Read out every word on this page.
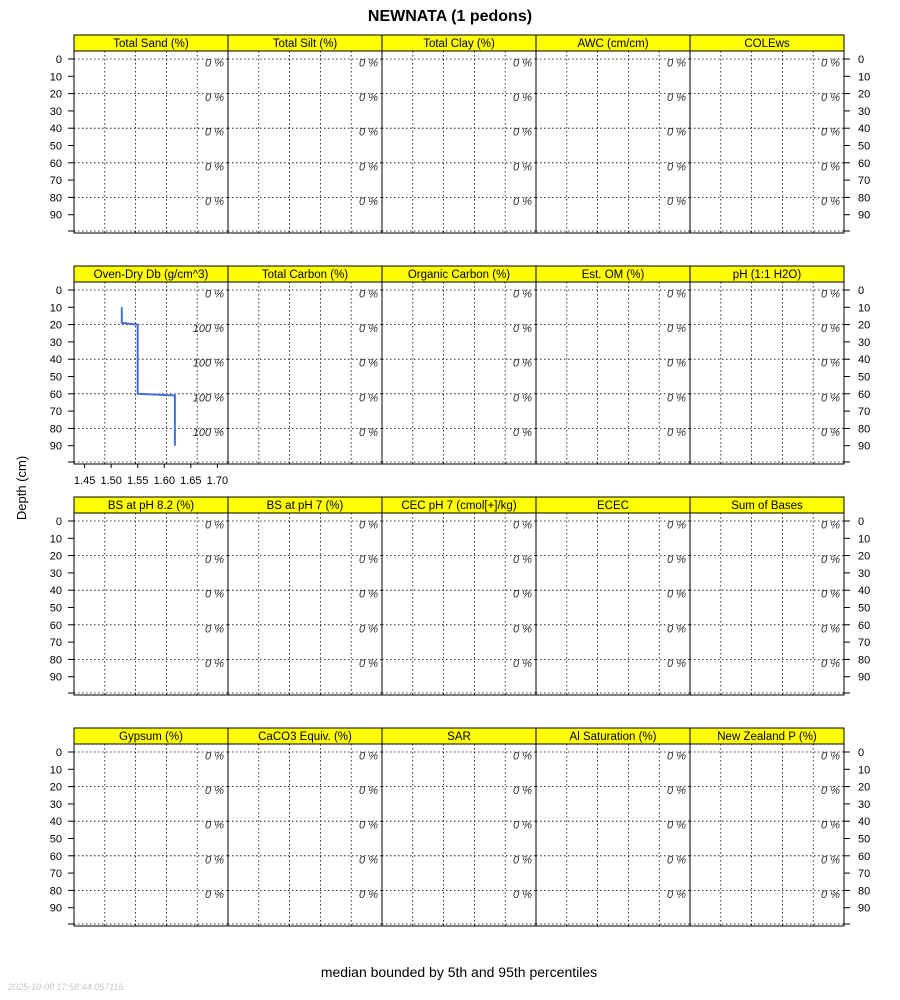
NEWNATA (1 pedons)
Depth (cm)
median bounded by 5th and 95th percentiles
2025-10-08 17:58:44.057116
Total Sand (%)
0 %
0 %
0 %
0 %
0 %
Total Silt (%)
0 %
0 %
0 %
0 %
0 %
Total Clay (%)
0 %
0 %
0 %
0 %
0 %
AWC (cm/cm)
0 %
0 %
0 %
0 %
0 %
COLEws
0 %
0 %
0 %
0 %
0 %
0	0
10	10
20	20
30	30
40	40
50	50
60	60
70	70
80	80
90	90
Oven-Dry Db (g/cm^3)
0 %
100 %
100 %
100 %
100 %
1.45 1.50 1.55 1.60 1.65 1.70
Total Carbon (%)
0 %
0 %
0 %
0 %
0 %
Organic Carbon (%)
0 %
0 %
0 %
0 %
0 %
Est. OM (%)
0 %
0 %
0 %
0 %
0 %
pH (1:1 H2O)
0 %
0 %
0 %
0 %
0 %
0	0
10	10
20	20
30	30
40	40
50	50
60	60
70	70
80	80
90	90
BS at pH 8.2 (%)
0 %
0 %
0 %
0 %
0 %
BS at pH 7 (%)
0 %
0 %
0 %
0 %
0 %
CEC pH 7 (cmol[+]/kg)
0 %
0 %
0 %
0 %
0 %
ECEC
0 %
0 %
0 %
0 %
0 %
Sum of Bases
0 %
0 %
0 %
0 %
0 %
0	0
10	10
20	20
30	30
40	40
50	50
60	60
70	70
80	80
90	90
Gypsum (%)
0 %
0 %
0 %
0 %
0 %
CaCO3 Equiv. (%)
0 %
0 %
0 %
0 %
0 %
SAR
0 %
0 %
0 %
0 %
0 %
Al Saturation (%)
0 %
0 %
0 %
0 %
0 %
New Zealand P (%)
0 %
0 %
0 %
0 %
0 %
0	0
10	10
20	20
30	30
40	40
50	50
60	60
70	70
80	80
90	90
